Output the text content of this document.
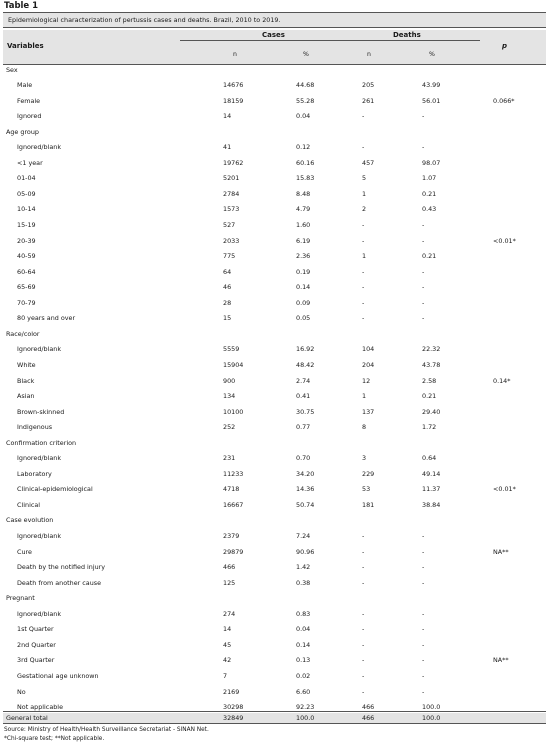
Table 1
Epidemiological characterization of pertussis cases and deaths. Brazil, 2010 to 2019.
Variables
Cases	Deaths
p
n	%	n	%
Sex
Male	14676	44.68	205	43.99
Female	18159	55.28	261	56.01	0.066*
Ignored	14	0.04	-	-
Age group
Ignored/blank	41	0.12	-	-
<1 year	19762	60.16	457	98.07
01-04	5201	15.83	5	1.07
05-09	2784	8.48	1	0.21
10-14	1573	4.79	2	0.43
15-19	527	1.60	-	-
20-39	2033	6.19	-	-	<0.01*
40-59	775	2.36	1	0.21
60-64	64	0.19	-	-
65-69	46	0.14	-	-
70-79	28	0.09	-	-
80 years and over	15	0.05	-	-
Race/color
Ignored/blank	5559	16.92	104	22.32
White	15904	48.42	204	43.78
Black	900	2.74	12	2.58	0.14*
Asian	134	0.41	1	0.21
Brown-skinned	10100	30.75	137	29.40
Indigenous	252	0.77	8	1.72
Confirmation criterion
Ignored/blank	231	0.70	3	0.64
Laboratory	11233	34.20	229	49.14
Clinical-epidemiological	4718	14.36	53	11.37	<0.01*
Clinical	16667	50.74	181	38.84
Case evolution
Ignored/blank	2379	7.24	-	-
Cure	29879	90.96	-	-	NA**
Death by the notified injury	466	1.42	-	-
Death from another cause	125	0.38	-	-
Pregnant
Ignored/blank	274	0.83	-	-
1st Quarter	14	0.04	-	-
2nd Quarter	45	0.14	-	-
3rd Quarter	42	0.13	-	-	NA**
Gestational age unknown	7	0.02	-	-
No	2169	6.60	-	-
Not applicable	30298	92.23	466	100.0
General total	32849	100.0	466	100.0
Source: Ministry of Health/Health Surveillance Secretariat - SINAN Net.
*Chi-square test; **Not applicable.
